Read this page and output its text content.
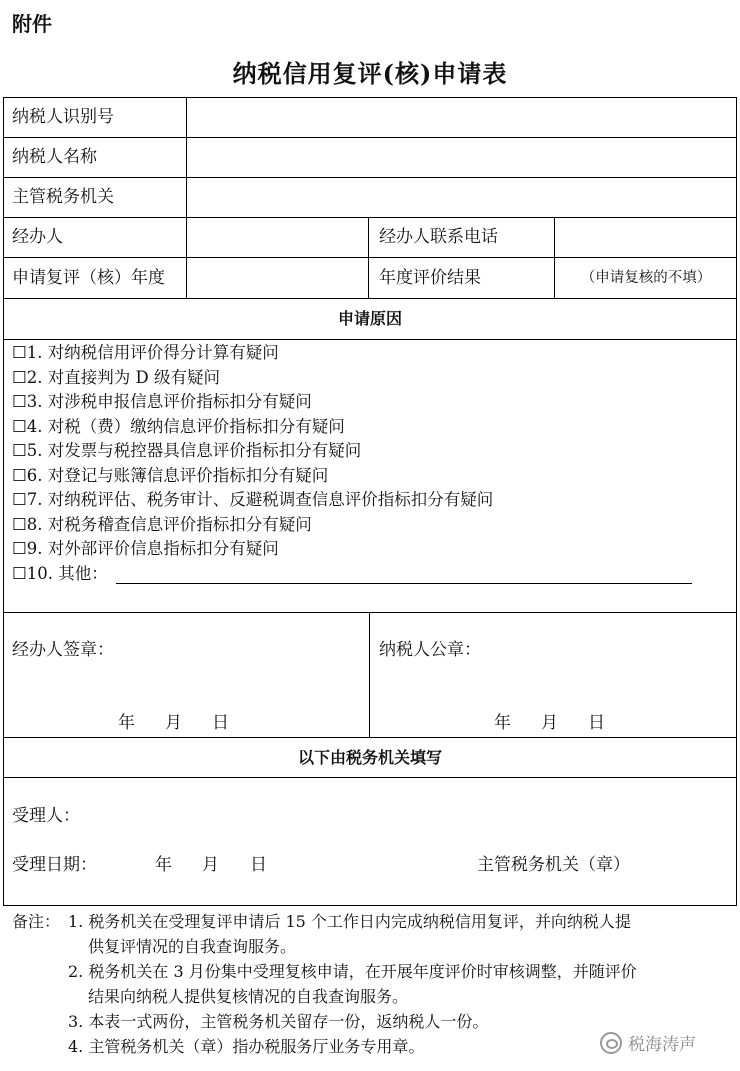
附件
纳税信用复评(核)申请表
纳税人识别号
纳税人名称
主管税务机关
经办人	经办人联系电话
申请复评（核）年度	年度评价结果	（申请复核的不填）
申请原因
☐1. 对纳税信用评价得分计算有疑问
☐2. 对直接判为 D 级有疑问
☐3. 对涉税申报信息评价指标扣分有疑问
☐4. 对税（费）缴纳信息评价指标扣分有疑问
☐5. 对发票与税控器具信息评价指标扣分有疑问
☐6. 对登记与账簿信息评价指标扣分有疑问
☐7. 对纳税评估、税务审计、反避税调查信息评价指标扣分有疑问
☐8. 对税务稽查信息评价指标扣分有疑问
☐9. 对外部评价信息指标扣分有疑问
☐10. 其他：
经办人签章：	纳税人公章：
年 月 日	年 月 日
以下由税务机关填写
受理人：
受理日期：	年 月 日	主管税务机关（章）
备注： 1. 税务机关在受理复评申请后 15 个工作日内完成纳税信用复评，并向纳税人提
供复评情况的自我查询服务。
2. 税务机关在 3 月份集中受理复核申请，在开展年度评价时审核调整，并随评价
结果向纳税人提供复核情况的自我查询服务。
3. 本表一式两份，主管税务机关留存一份，返纳税人一份。
4. 主管税务机关（章）指办税服务厅业务专用章。	税海涛声
